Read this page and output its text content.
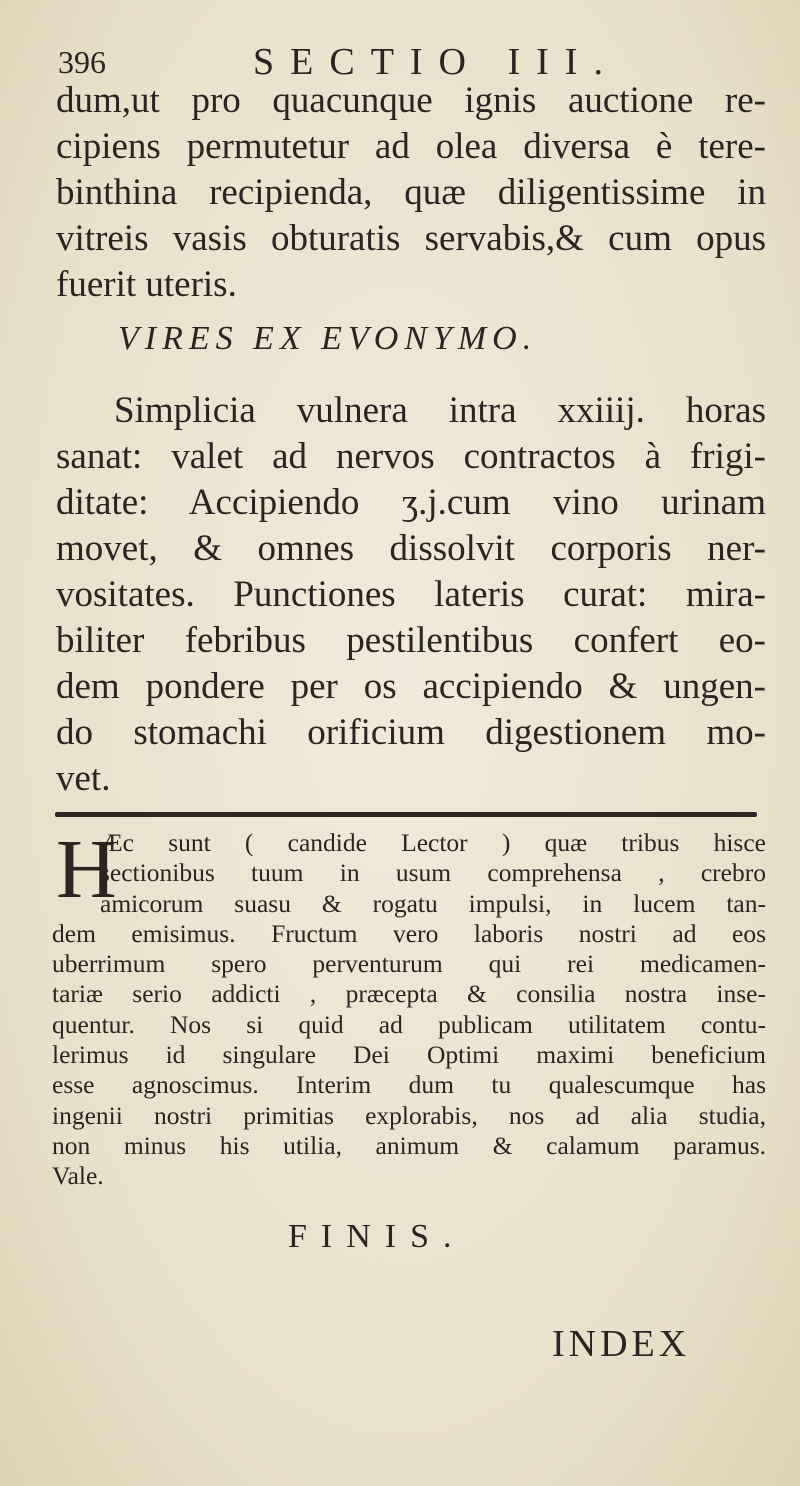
396	SECTIO III.

dum,ut pro quacunque ignis auctione re-
cipiens permutetur ad olea diversa è tere-
binthina recipienda, quæ diligentissime in
vitreis vasis obturatis servabis,& cum opus
fuerit uteris.

VIRES EX EVONYMO.

Simplicia vulnera intra xxiiij. horas
sanat: valet ad nervos contractos à frigi-
ditate: Accipiendo ʒ.j.cum vino urinam
movet, & omnes dissolvit corporis ner-
vositates. Punctiones lateris curat: mira-
biliter febribus pestilentibus confert eo-
dem pondere per os accipiendo & ungen-
do stomachi orificium digestionem mo-
vet.

H
Æc sunt ( candide Lector ) quæ tribus hisce
sectionibus tuum in usum comprehensa , crebro
amicorum suasu & rogatu impulsi, in lucem tan-
dem emisimus. Fructum vero laboris nostri ad eos
uberrimum spero perventurum qui rei medicamen-
tariæ serio addicti , præcepta & consilia nostra inse-
quentur. Nos si quid ad publicam utilitatem contu-
lerimus id singulare Dei Optimi maximi beneficium
esse agnoscimus. Interim dum tu qualescumque has
ingenii nostri primitias explorabis, nos ad alia studia,
non minus his utilia, animum & calamum paramus.
Vale.
FINIS.
INDEX
